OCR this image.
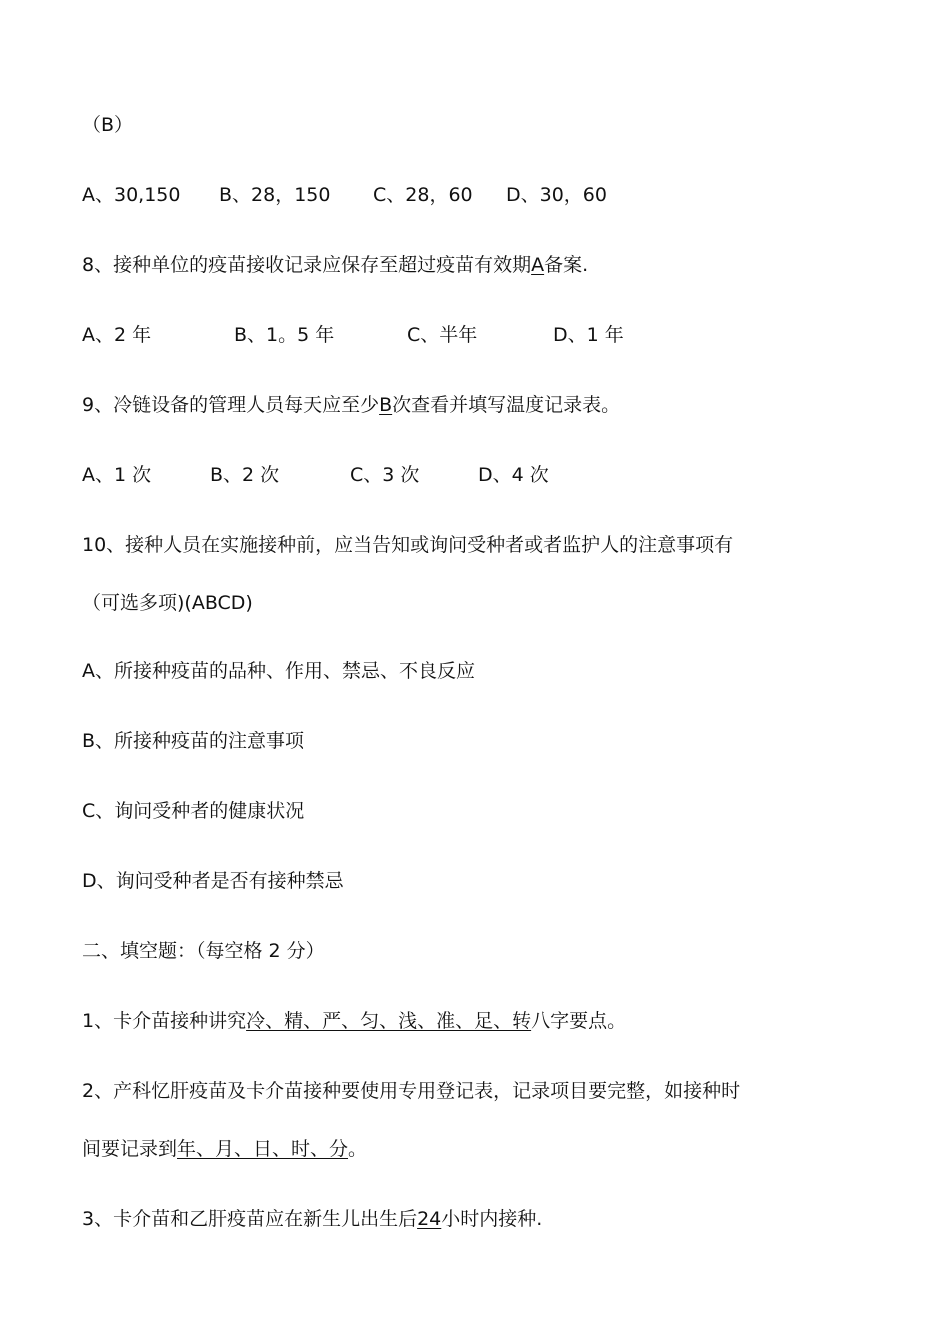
（B）
A、30,150 B、28，150 C、28，60 D、30，60
8、接种单位的疫苗接收记录应保存至超过疫苗有效期A备案.
A、2 年	B、1。5 年	C、半年	D、1 年
9、冷链设备的管理人员每天应至少B次查看并填写温度记录表。
A、1 次	B、2 次	C、3 次	D、4 次
10、接种人员在实施接种前，应当告知或询问受种者或者监护人的注意事项有
（可选多项)(ABCD)
A、所接种疫苗的品种、作用、禁忌、不良反应
B、所接种疫苗的注意事项
C、询问受种者的健康状况
D、询问受种者是否有接种禁忌
二、填空题：（每空格 2 分）
1、卡介苗接种讲究冷、精、严、匀、浅、准、足、转八字要点。
2、产科忆肝疫苗及卡介苗接种要使用专用登记表，记录项目要完整，如接种时
间要记录到年、月、日、时、分。
3、卡介苗和乙肝疫苗应在新生儿出生后24小时内接种.
